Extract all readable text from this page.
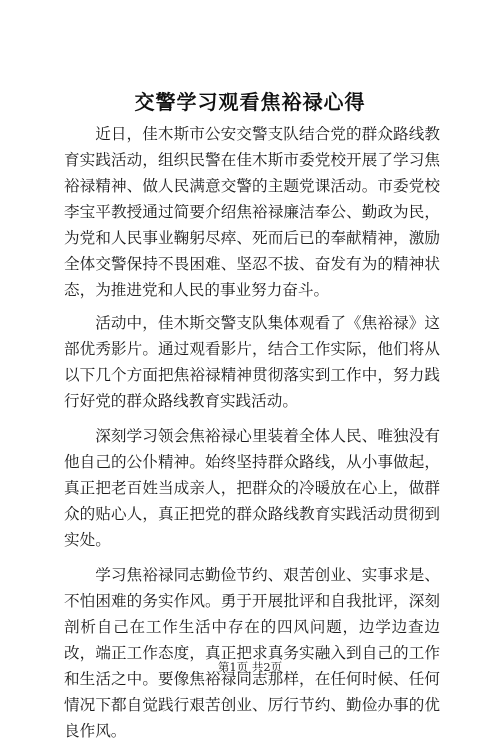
交警学习观看焦裕禄心得

近日，佳木斯市公安交警支队结合党的群众路线教育实践活动，组织民警在佳木斯市委党校开展了学习焦裕禄精神、做人民满意交警的主题党课活动。市委党校李宝平教授通过简要介绍焦裕禄廉洁奉公、勤政为民，为党和人民事业鞠躬尽瘁、死而后已的奉献精神，激励全体交警保持不畏困难、坚忍不拔、奋发有为的精神状态，为推进党和人民的事业努力奋斗。

活动中，佳木斯交警支队集体观看了《焦裕禄》这部优秀影片。通过观看影片，结合工作实际，他们将从以下几个方面把焦裕禄精神贯彻落实到工作中，努力践行好党的群众路线教育实践活动。

深刻学习领会焦裕禄心里装着全体人民、唯独没有他自己的公仆精神。始终坚持群众路线，从小事做起，真正把老百姓当成亲人，把群众的冷暖放在心上，做群众的贴心人，真正把党的群众路线教育实践活动贯彻到实处。

学习焦裕禄同志勤俭节约、艰苦创业、实事求是、不怕困难的务实作风。勇于开展批评和自我批评，深刻剖析自己在工作生活中存在的四风问题，边学边查边改，端正工作态度，真正把求真务实融入到自己的工作和生活之中。要像焦裕禄同志那样，在任何时候、任何情况下都自觉践行艰苦创业、厉行节约、勤俭办事的优良作风。

第1页 共2页
